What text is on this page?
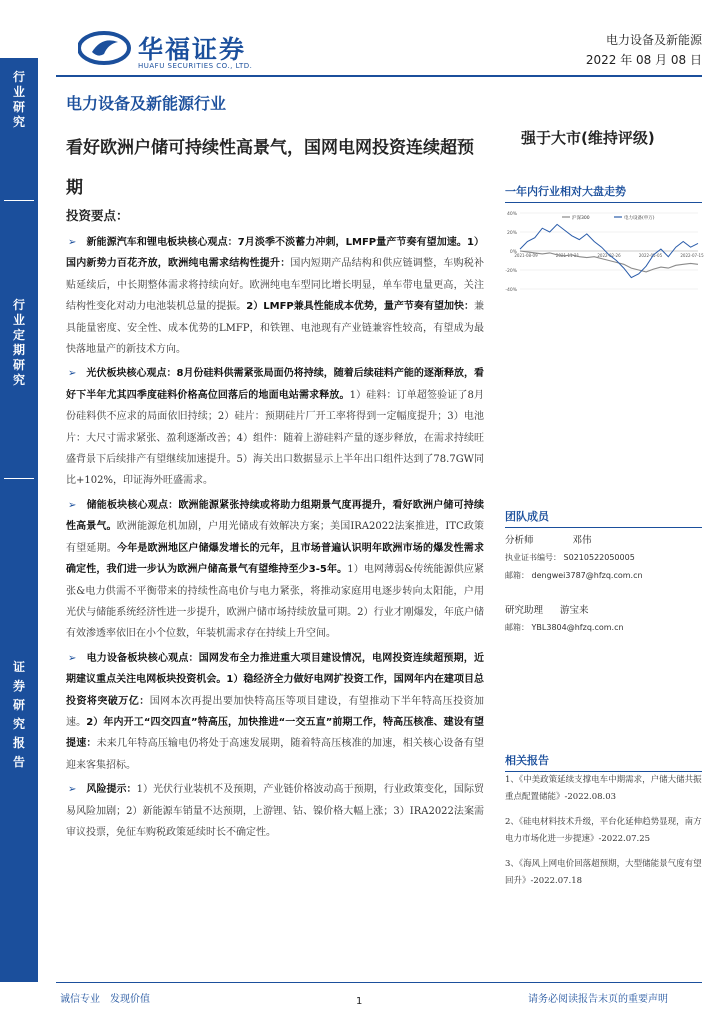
华福证券
HUAFU SECURITIES CO., LTD.
电力设备及新能源
2022 年 08 月 08 日
行
业
研
究
行
业
定
期
研
究
证
券
研
究
报
告
电力设备及新能源行业
看好欧洲户储可持续性高景气，国网电网投资连续超预期
强于大市(维持评级)
投资要点：
➢ 新能源汽车和锂电板块核心观点：7月淡季不淡蓄力冲刺，LMFP量产节奏有望加速。1）国内新势力百花齐放，欧洲纯电需求结构性提升：国内短期产品结构和供应链调整，车购税补贴延续后，中长期整体需求将持续向好。欧洲纯电车型同比增长明显，单车带电量更高，关注结构性变化对动力电池装机总量的提振。2）LMFP兼具性能成本优势，量产节奏有望加快：兼具能量密度、安全性、成本优势的LMFP，和铁锂、电池现有产业链兼容性较高，有望成为最快落地量产的新技术方向。
➢ 光伏板块核心观点：8月份硅料供需紧张局面仍将持续，随着后续硅料产能的逐渐释放，看好下半年尤其四季度硅料价格高位回落后的地面电站需求释放。1）硅料：订单超签验证了8月份硅料供不应求的局面依旧持续；2）硅片：预期硅片厂开工率将得到一定幅度提升；3）电池片：大尺寸需求紧张、盈利逐渐改善；4）组件：随着上游硅料产量的逐步释放，在需求持续旺盛背景下后续排产有望继续加速提升。5）海关出口数据显示上半年出口组件达到了78.7GW同比+102%，印证海外旺盛需求。
➢ 储能板块核心观点：欧洲能源紧张持续或将助力组期景气度再提升，看好欧洲户储可持续性高景气。欧洲能源危机加剧，户用光储成有效解决方案；美国IRA2022法案推进，ITC政策有望延期。今年是欧洲地区户储爆发增长的元年，且市场普遍认识明年欧洲市场的爆发性需求确定性，我们进一步认为欧洲户储高景气有望维持至少3-5年。1）电网薄弱&传统能源供应紧张&电力供需不平衡带来的持续性高电价与电力紧张，将推动家庭用电逐步转向太阳能，户用光伏与储能系统经济性进一步提升，欧洲户储市场持续放量可期。2）行业才刚爆发，年底户储有效渗透率依旧在小个位数，年装机需求存在持续上升空间。
➢ 电力设备板块核心观点：国网发布全力推进重大项目建设情况，电网投资连续超预期，近期建议重点关注电网板块投资机会。1）稳经济全力做好电网扩投资工作，国网年内在建项目总投资将突破万亿：国网本次再提出要加快特高压等项目建设，有望推动下半年特高压投资加速。2）年内开工“四交四直”特高压，加快推进“一交五直”前期工作，特高压核准、建设有望提速：未来几年特高压输电仍将处于高速发展期，随着特高压核准的加速，相关核心设备有望迎来客集招标。
➢ 风险提示：1）光伏行业装机不及预期，产业链价格波动高于预期，行业政策变化，国际贸易风险加剧；2）新能源车销量不达预期，上游锂、钴、镍价格大幅上涨；3）IRA2022法案需审议投票，免征车购税政策延续时长不确定性。
一年内行业相对大盘走势
40%
20%
0%
-20%
-40%
2021-08-09	2021-11-21	2022-02-26	2022-05-05	2022-07-15
沪深300	电力设备(申万)
团队成员
分析师	邓伟
执业证书编号： S0210522050005
邮箱： dengwei3787@hfzq.com.cn
研究助理 游宝来
邮箱： YBL3804@hfzq.com.cn
相关报告
1、《中美政策延续支撑电车中期需求，户储大储共振重点配置储能》-2022.08.03
2、《硅电材料技术升级，平台化延伸趋势显现，南方电力市场化进一步提速》-2022.07.25
3、《海风上网电价回落超预期，大型储能景气度有望回升》-2022.07.18
诚信专业　发现价值	1	请务必阅读报告末页的重要声明
